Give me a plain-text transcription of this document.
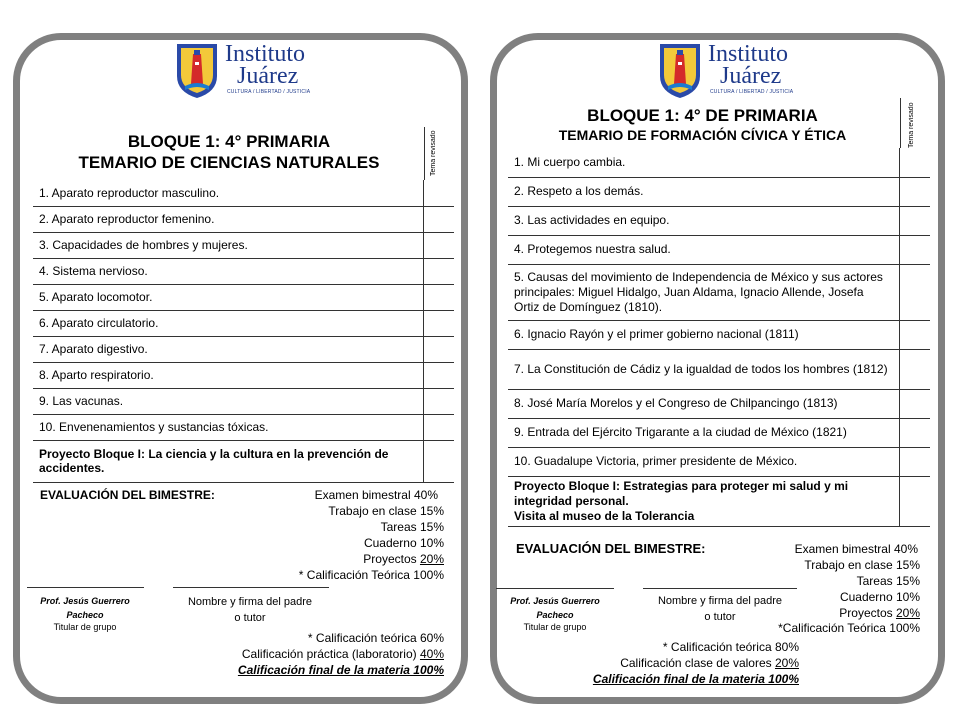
Instituto
Juárez
CULTURA / LIBERTAD / JUSTICIA
BLOQUE 1: 4° PRIMARIA
TEMARIO DE CIENCIAS NATURALES	Tema revisado
1. Aparato reproductor masculino.	
2. Aparato reproductor femenino.	
3. Capacidades de hombres y mujeres.	
4. Sistema nervioso.	
5. Aparato locomotor.	
6. Aparato circulatorio.	
7. Aparato digestivo.	
8. Aparto respiratorio.	
9. Las vacunas.	
10. Envenenamientos y sustancias tóxicas.	
Proyecto Bloque I: La ciencia y la cultura en la prevención de accidentes.	
EVALUACIÓN DEL BIMESTRE:	Examen bimestral 40%
Trabajo en clase 15%
Tareas 15%
Cuaderno 10%
Proyectos 20%
* Calificación Teórica 100%
Prof. Jesús Guerrero Pacheco
Titular de grupo
Nombre y firma del padre o tutor
* Calificación teórica 60%
Calificación práctica (laboratorio) 40%
Calificación final de la materia 100%
Instituto
Juárez
CULTURA / LIBERTAD / JUSTICIA
BLOQUE 1: 4° DE PRIMARIA
TEMARIO DE FORMACIÓN CÍVICA Y ÉTICA	Tema revisado
1. Mi cuerpo cambia.	
2. Respeto a los demás.	
3. Las actividades en equipo.	
4. Protegemos nuestra salud.	
5. Causas del movimiento de Independencia de México y sus actores principales: Miguel Hidalgo, Juan Aldama, Ignacio Allende, Josefa Ortiz de Domínguez (1810).	
6. Ignacio Rayón y el primer gobierno nacional (1811)	
7. La Constitución de Cádiz y la igualdad de todos los hombres (1812)	
8. José María Morelos y el Congreso de Chilpancingo (1813)	
9. Entrada del Ejército Trigarante a la ciudad de México (1821)	
10. Guadalupe Victoria, primer presidente de México.	

Proyecto Bloque I: Estrategias para proteger mi salud y mi integridad personal.
Visita al museo de la Tolerancia	

EVALUACIÓN DEL BIMESTRE:	Examen bimestral 40%
Trabajo en clase 15%
Tareas 15%
Cuaderno 10%
Proyectos 20%
*Calificación Teórica 100%
Prof. Jesús Guerrero Pacheco
Titular de grupo
Nombre y firma del padre o tutor
* Calificación teórica 80%
Calificación clase de valores 20%
Calificación final de la materia 100%
